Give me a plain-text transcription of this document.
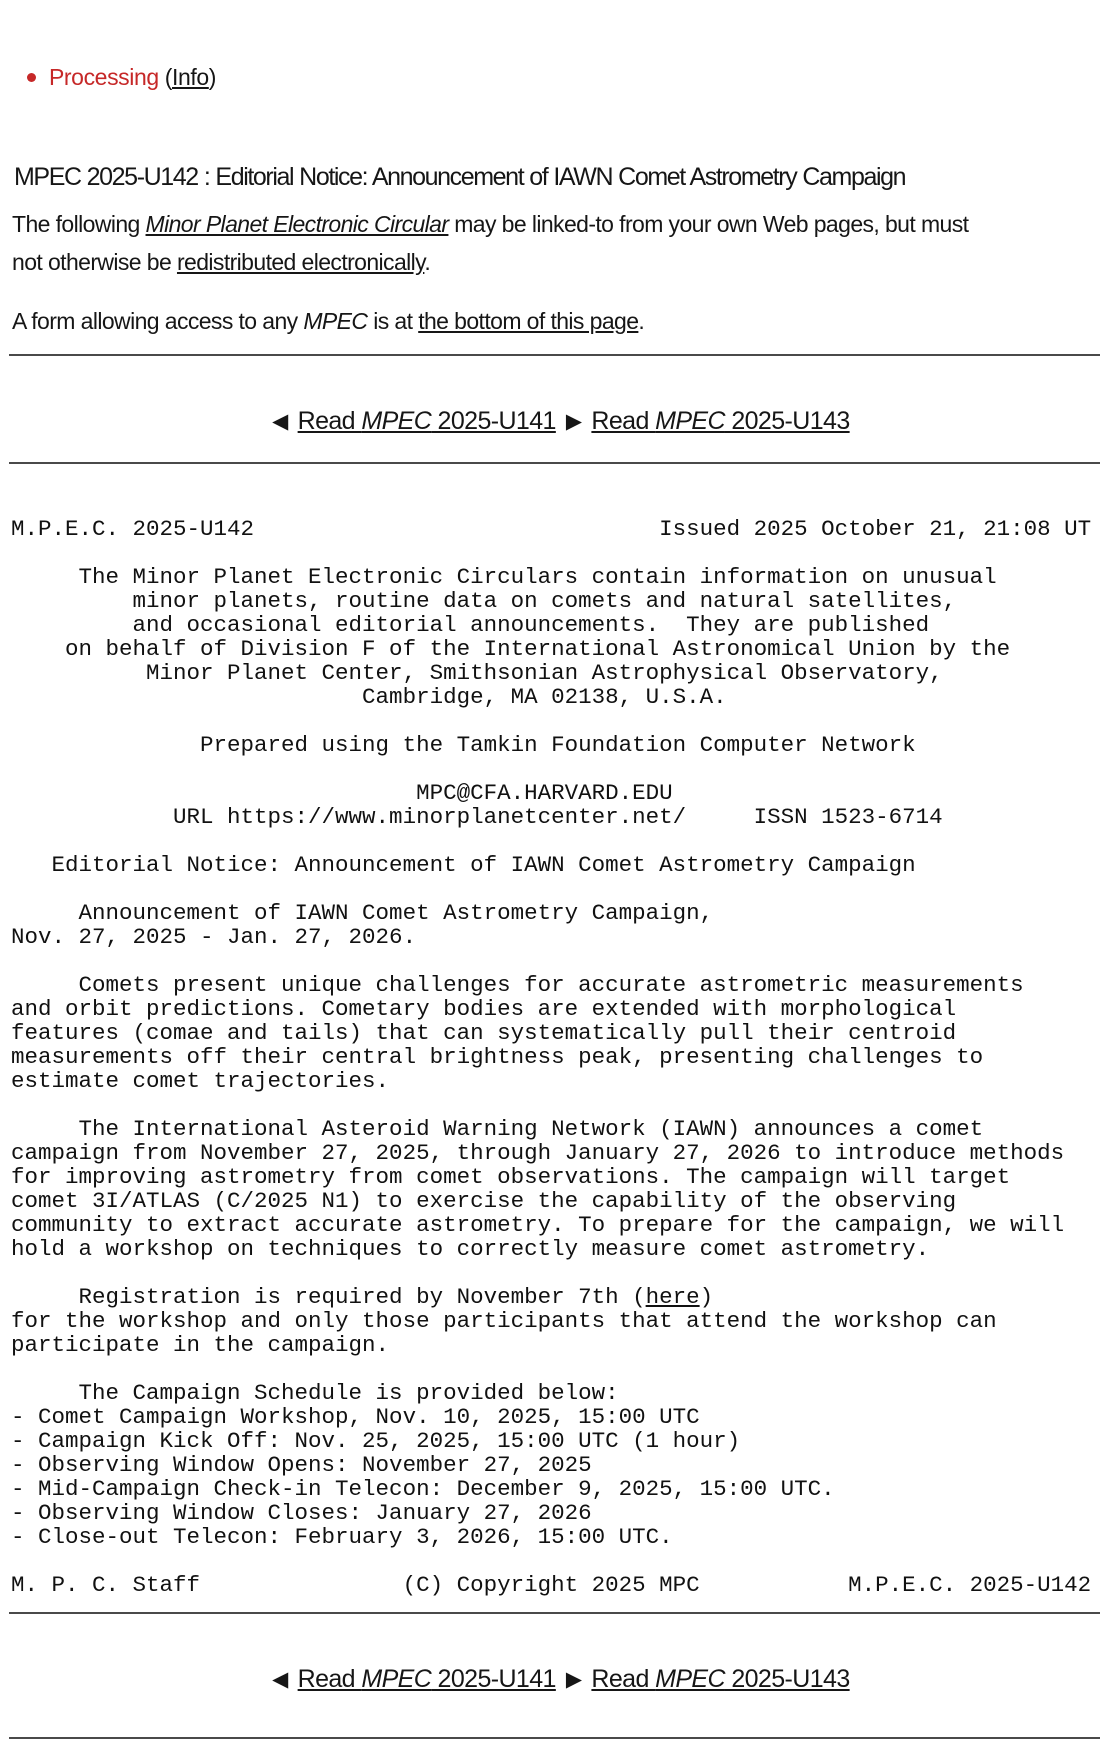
Processing (Info)

MPEC 2025-U142 : Editorial Notice: Announcement of IAWN Comet Astrometry Campaign

The following Minor Planet Electronic Circular may be linked-to from your own Web pages, but must
not otherwise be redistributed electronically.

A form allowing access to any MPEC is at the bottom of this page.

◀ Read MPEC 2025-U141 ▶ Read MPEC 2025-U143

M.P.E.C. 2025-U142                              Issued 2025 October 21, 21:08 UT

The Minor Planet Electronic Circulars contain information on unusual
minor planets, routine data on comets and natural satellites,
and occasional editorial announcements.  They are published
on behalf of Division F of the International Astronomical Union by the
Minor Planet Center, Smithsonian Astrophysical Observatory,
Cambridge, MA 02138, U.S.A.

Prepared using the Tamkin Foundation Computer Network

MPC@CFA.HARVARD.EDU
URL https://www.minorplanetcenter.net/     ISSN 1523-6714

Editorial Notice: Announcement of IAWN Comet Astrometry Campaign

Announcement of IAWN Comet Astrometry Campaign,
Nov. 27, 2025 - Jan. 27, 2026.

Comets present unique challenges for accurate astrometric measurements
and orbit predictions. Cometary bodies are extended with morphological
features (comae and tails) that can systematically pull their centroid
measurements off their central brightness peak, presenting challenges to
estimate comet trajectories.

The International Asteroid Warning Network (IAWN) announces a comet
campaign from November 27, 2025, through January 27, 2026 to introduce methods
for improving astrometry from comet observations. The campaign will target
comet 3I/ATLAS (C/2025 N1) to exercise the capability of the observing
community to extract accurate astrometry. To prepare for the campaign, we will
hold a workshop on techniques to correctly measure comet astrometry.

Registration is required by November 7th (here)
for the workshop and only those participants that attend the workshop can
participate in the campaign.

The Campaign Schedule is provided below:
- Comet Campaign Workshop, Nov. 10, 2025, 15:00 UTC
- Campaign Kick Off: Nov. 25, 2025, 15:00 UTC (1 hour)
- Observing Window Opens: November 27, 2025
- Mid-Campaign Check-in Telecon: December 9, 2025, 15:00 UTC.
- Observing Window Closes: January 27, 2026
- Close-out Telecon: February 3, 2026, 15:00 UTC.

M. P. C. Staff               (C) Copyright 2025 MPC           M.P.E.C. 2025-U142

◀ Read MPEC 2025-U141 ▶ Read MPEC 2025-U143
